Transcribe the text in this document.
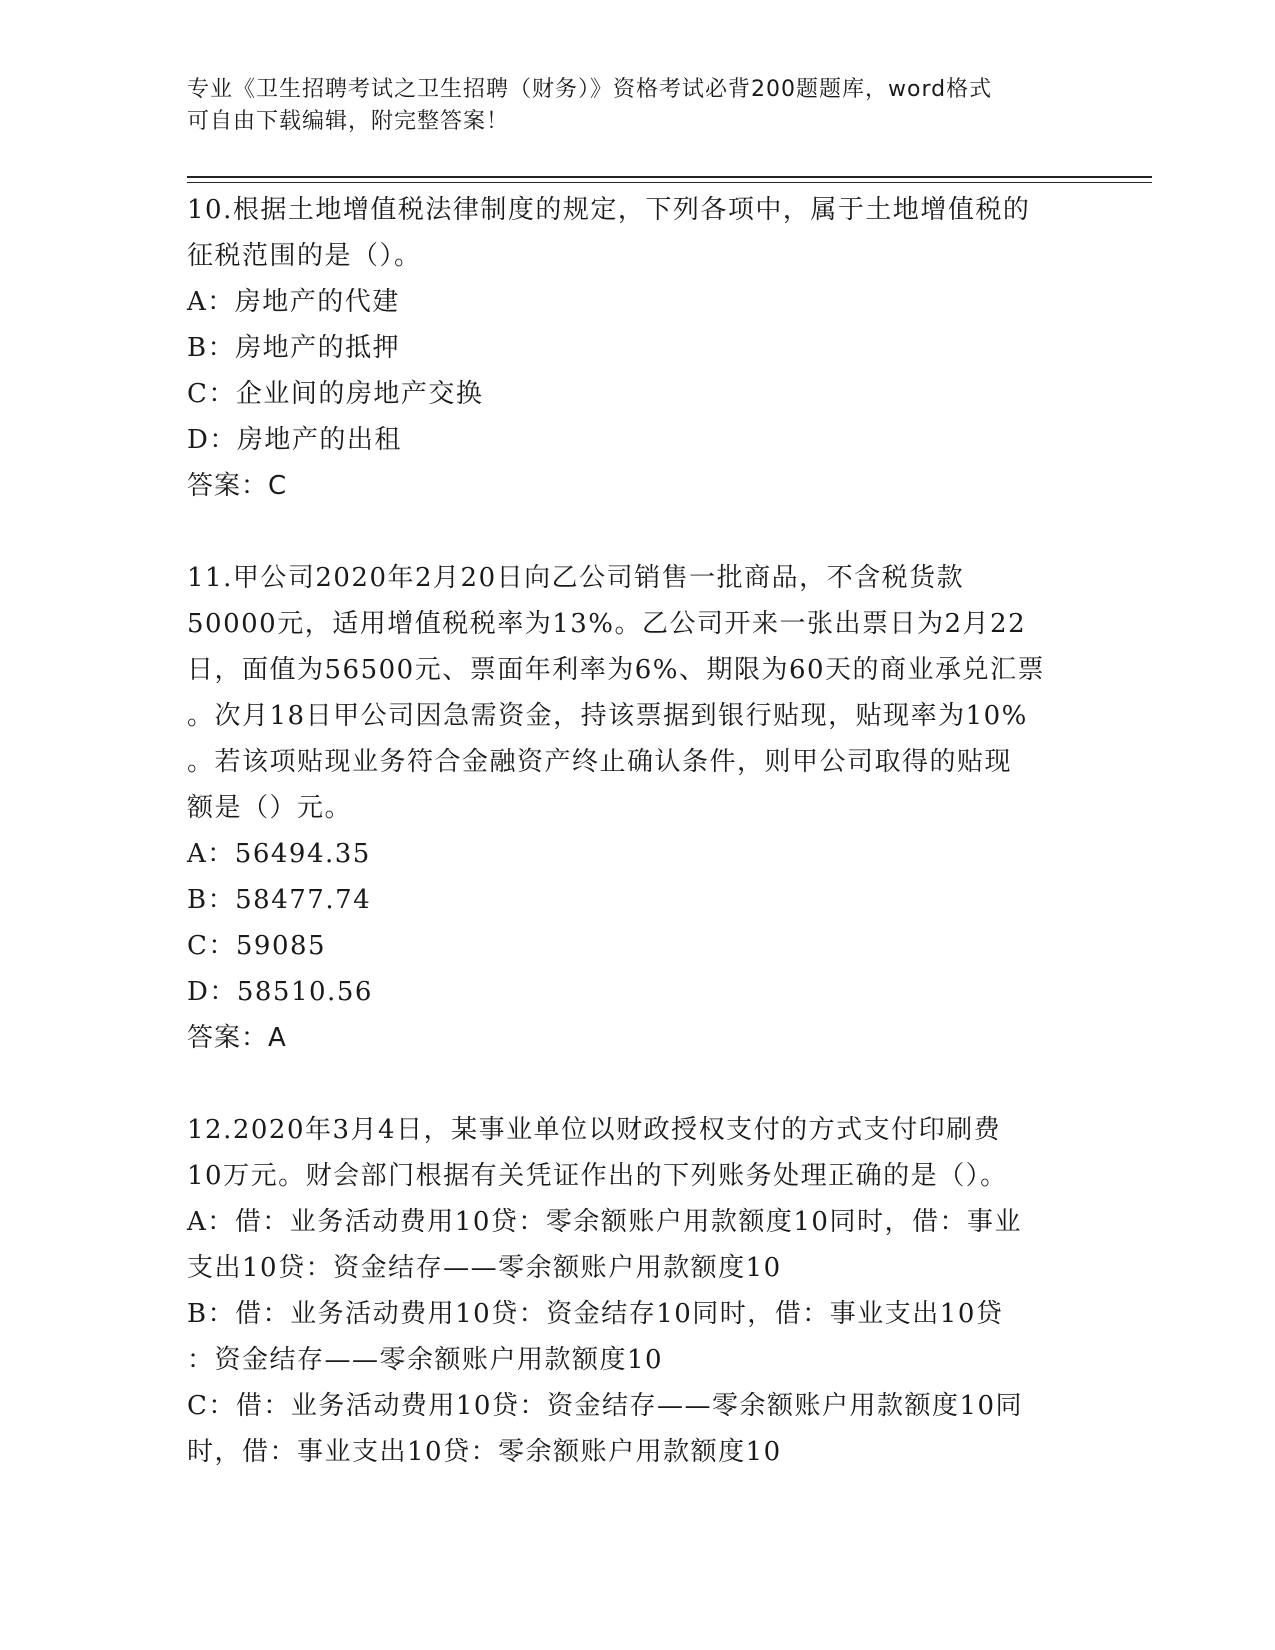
专业《卫生招聘考试之卫生招聘（财务）》资格考试必背200题题库，word格式
可自由下载编辑，附完整答案！
10.根据土地增值税法律制度的规定，下列各项中，属于土地增值税的
征税范围的是（）。
A：房地产的代建
B：房地产的抵押
C：企业间的房地产交换
D：房地产的出租
答案：C
11.甲公司2020年2月20日向乙公司销售一批商品，不含税货款
50000元，适用增值税税率为13%。乙公司开来一张出票日为2月22
日，面值为56500元、票面年利率为6%、期限为60天的商业承兑汇票
。次月18日甲公司因急需资金，持该票据到银行贴现，贴现率为10%
。若该项贴现业务符合金融资产终止确认条件，则甲公司取得的贴现
额是（）元。
A：56494.35
B：58477.74
C：59085
D：58510.56
答案：A
12.2020年3月4日，某事业单位以财政授权支付的方式支付印刷费
10万元。财会部门根据有关凭证作出的下列账务处理正确的是（）。
A：借：业务活动费用10贷：零余额账户用款额度10同时，借：事业
支出10贷：资金结存——零余额账户用款额度10
B：借：业务活动费用10贷：资金结存10同时，借：事业支出10贷
：资金结存——零余额账户用款额度10
C：借：业务活动费用10贷：资金结存——零余额账户用款额度10同
时，借：事业支出10贷：零余额账户用款额度10
